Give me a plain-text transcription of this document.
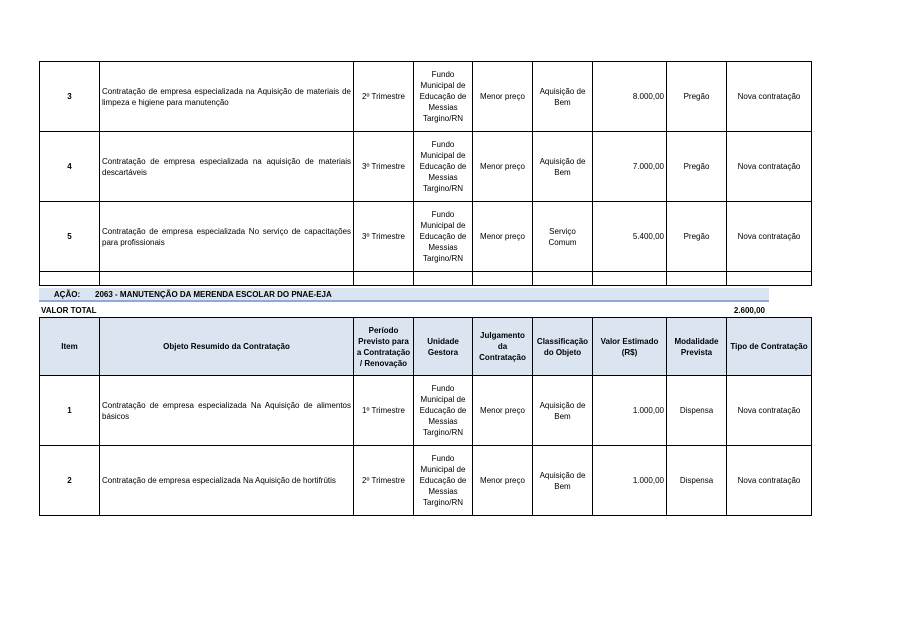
3	Contratação de empresa especializada na Aquisição de materiais de limpeza e higiene para manutenção	2º Trimestre	Fundo Municipal de Educação de Messias Targino/RN	Menor preço	Aquisição de Bem	8.000,00	Pregão	Nova contratação
4	Contratação de empresa especializada na aquisição de materiais descartáveis	3º Trimestre	Fundo Municipal de Educação de Messias Targino/RN	Menor preço	Aquisição de Bem	7.000,00	Pregão	Nova contratação
5	Contratação de empresa especializada No serviço de capacitações para profissionais	3º Trimestre	Fundo Municipal de Educação de Messias Targino/RN	Menor preço	Serviço Comum	5.400,00	Pregão	Nova contratação

AÇÃO:	2063 - MANUTENÇÃO DA MERENDA ESCOLAR DO PNAE-EJA
VALOR TOTAL	2.600,00
Item	Objeto Resumido da Contratação	Período Previsto para a Contratação / Renovação	Unidade Gestora	Julgamento da Contratação	Classificação do Objeto	Valor Estimado (R$)	Modalidade Prevista	Tipo de Contratação
1	Contratação de empresa especializada Na Aquisição de alimentos básicos	1º Trimestre	Fundo Municipal de Educação de Messias Targino/RN	Menor preço	Aquisição de Bem	1.000,00	Dispensa	Nova contratação
2	Contratação de empresa especializada Na Aquisição de hortifrútis	2º Trimestre	Fundo Municipal de Educação de Messias Targino/RN	Menor preço	Aquisição de Bem	1.000,00	Dispensa	Nova contratação
